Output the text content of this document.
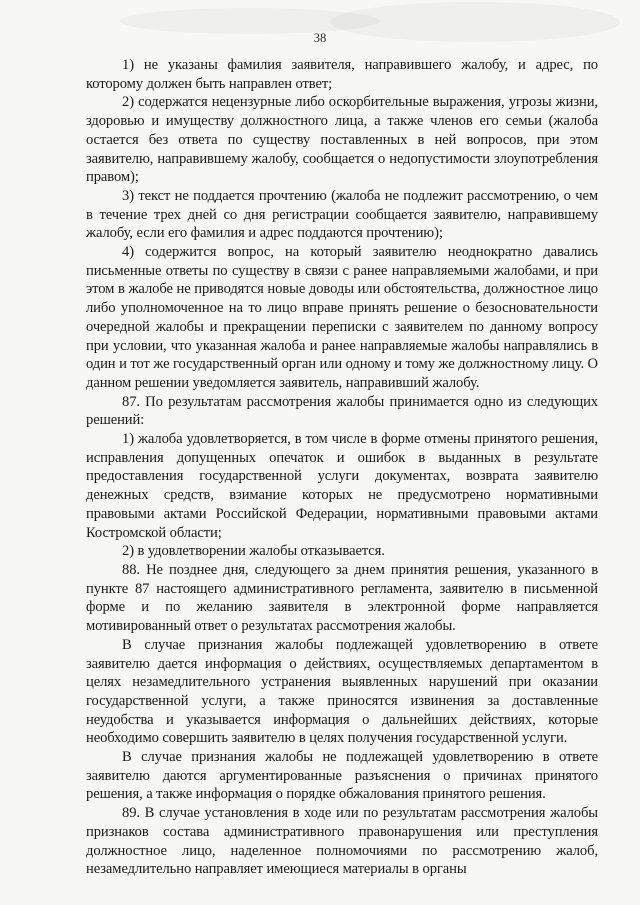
38

1) не указаны фамилия заявителя, направившего жалобу, и адрес, по которому должен быть направлен ответ;

2) содержатся нецензурные либо оскорбительные выражения, угрозы жизни, здоровью и имуществу должностного лица, а также членов его семьи (жалоба остается без ответа по существу поставленных в ней вопросов, при этом заявителю, направившему жалобу, сообщается о недопустимости злоупотребления правом);

3) текст не поддается прочтению (жалоба не подлежит рассмотрению, о чем в течение трех дней со дня регистрации сообщается заявителю, направившему жалобу, если его фамилия и адрес поддаются прочтению);

4) содержится вопрос, на который заявителю неоднократно давались письменные ответы по существу в связи с ранее направляемыми жалобами, и при этом в жалобе не приводятся новые доводы или обстоятельства, должностное лицо либо уполномоченное на то лицо вправе принять решение о безосновательности очередной жалобы и прекращении переписки с заявителем по данному вопросу при условии, что указанная жалоба и ранее направляемые жалобы направлялись в один и тот же государственный орган или одному и тому же должностному лицу. О данном решении уведомляется заявитель, направивший жалобу.

87. По результатам рассмотрения жалобы принимается одно из следующих решений:

1) жалоба удовлетворяется, в том числе в форме отмены принятого решения, исправления допущенных опечаток и ошибок в выданных в результате предоставления государственной услуги документах, возврата заявителю денежных средств, взимание которых не предусмотрено нормативными правовыми актами Российской Федерации, нормативными правовыми актами Костромской области;

2) в удовлетворении жалобы отказывается.

88. Не позднее дня, следующего за днем принятия решения, указанного в пункте 87 настоящего административного регламента, заявителю в письменной форме и по желанию заявителя в электронной форме направляется мотивированный ответ о результатах рассмотрения жалобы.

В случае признания жалобы подлежащей удовлетворению в ответе заявителю дается информация о действиях, осуществляемых департаментом в целях незамедлительного устранения выявленных нарушений при оказании государственной услуги, а также приносятся извинения за доставленные неудобства и указывается информация о дальнейших действиях, которые необходимо совершить заявителю в целях получения государственной услуги.

В случае признания жалобы не подлежащей удовлетворению в ответе заявителю даются аргументированные разъяснения о причинах принятого решения, а также информация о порядке обжалования принятого решения.

89. В случае установления в ходе или по результатам рассмотрения жалобы признаков состава административного правонарушения или преступления должностное лицо, наделенное полномочиями по рассмотрению жалоб, незамедлительно направляет имеющиеся материалы в органы
